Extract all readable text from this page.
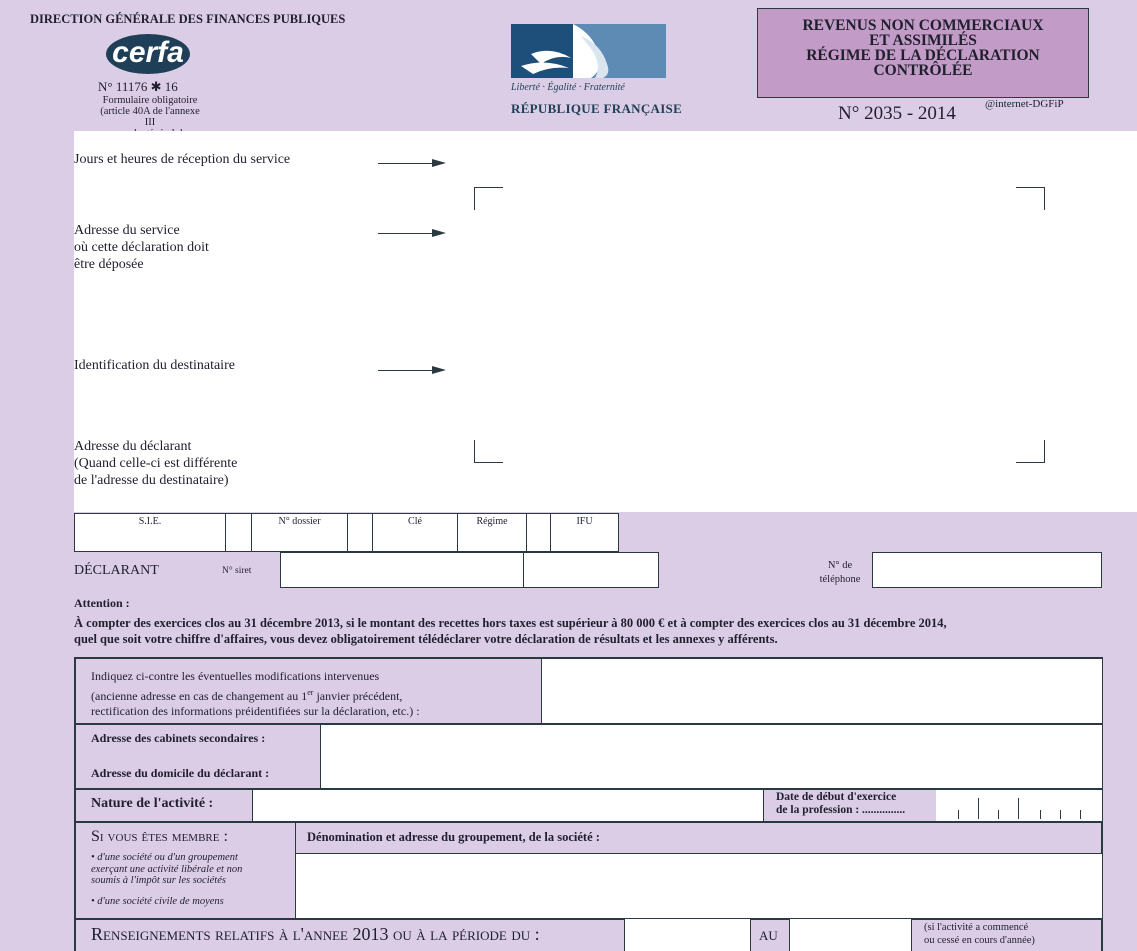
DIRECTION GÉNÉRALE DES FINANCES PUBLIQUES
cerfa
N° 11176 ✱ 16
Formulaire obligatoire
(article 40A de l'annexe III
Liberté · Égalité · Fraternité
RÉPUBLIQUE FRANÇAISE
REVENUS NON COMMERCIAUX
ET ASSIMILÉS
RÉGIME DE LA DÉCLARATION
CONTRÔLÉE
N° 2035 - 2014	@internet-DGFiP
Jours et heures de réception du service
Adresse du service
où cette déclaration doit
être déposée
Identification du destinataire
Adresse du déclarant
(Quand celle-ci est différente
de l'adresse du destinataire)
S.I.E.	N° dossier	Clé	Régime	IFU
DÉCLARANT	N° siret	N° de
téléphone
Attention :
À compter des exercices clos au 31 décembre 2013, si le montant des recettes hors taxes est supérieur à 80 000 € et à compter des exercices clos au 31 décembre 2014,
quel que soit votre chiffre d'affaires, vous devez obligatoirement télédéclarer votre déclaration de résultats et les annexes y afférents.
Indiquez ci-contre les éventuelles modifications intervenues
(ancienne adresse en cas de changement au 1er janvier précédent,
rectification des informations préidentifiées sur la déclaration, etc.) :
Adresse des cabinets secondaires :
Adresse du domicile du déclarant :
Nature de l'activité :	Date de début d'exercice
de la profession : ...............
Si vous êtes membre :	Dénomination et adresse du groupement, de la société :
• d'une société ou d'un groupement
exerçant une activité libérale et non
soumis à l'impôt sur les sociétés
• d'une société civile de moyens
Renseignements relatifs à l'annee 2013 ou à la période du :	AU
(si l'activité a commencé
ou cessé en cours d'année)
